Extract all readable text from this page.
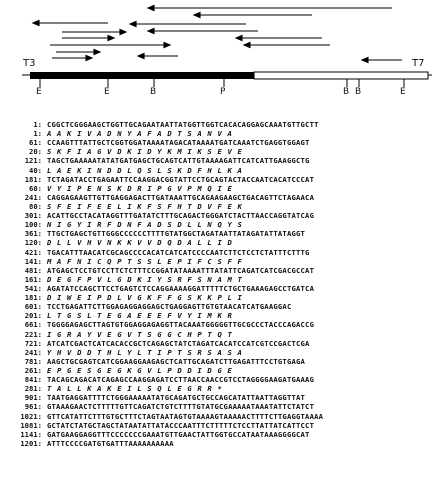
T3	T7
E	E	B	P	B B	E
1: CGGCTCGGGAAGCTGGTTGCAGAATAATTATGGTTGGTCACACAGGAGCAAATGTTGCTT
1: AAKIVADNYAFADTSANVA
61: CCAAGTTTATTGCTCGGTGGATAAAATAGACATAAAATGATCAAATCTGAGGTGGAGT
20: SKFIAGVDKIDYKMIKSEVE
121: TAGCTGAAAAATATATGATGAGCTGCAGTCATTGTAAAAGATTCATCATTGAAGGCTG
40: LAEKINDDLQSLSKDFHLKA
181: TCTAGATACCTGAGAATTCCAAGGACGGTATTCCTGCAGTACTACCAATCACATCCCAT
60: VYIPENSKDRIPGVPMQIE
241: CAGGAGAAGTTGTTGAGGAGACTTGATAAATTGCAGAAGAAGCTGACAGTTCTAGAACA
80: SFEIFEELIKFSFHTDVFEK
301: ACATTGCCTACATAGGTTTGATATCTTTGCAGACTGGGATCTACTTAACCAGGTATCAG
100: NIGYIRFDNFADSDLLNQYS
361: TTGCTGAGCTGTTGGGCCCCCCTTTTGTATGGCTAGATAATTATAGATATTATAGGT
120: DLLVHVNKKVVDQDALLID
421: TGACATTTAACATCGCAGCCCCACATCATCATCCCCAATCTTCTCCTCTATTTCTTTG
141: MAFNICQPTSSLEPIFCSFF
481: ATGAGCTCCTGTCCTTCTCTTTCCGGATATAAAATTTATATTCAGATCATCGACGCCAT
161: DEGFPVLGDKIYSRFSNAMT
541: AGATATCCAGCTTCCTGAGTCTCCAGGAAAAGGATTTTTCTGCTGAAAGAGCCTGATCA
181: DIWEIPDLVGKFFGSKKPLI
601: TCCTGAGATTCTTGGAGAGGAGGAGCTGAGGAGTTGTGTAACATCATGAAGGAC
201: LTGSLTEGAEEEFVYIMKR
661: TGGGGAGAGCTTAGTGTGGAGGAGAGGTTACAAATGGGGGTTGCGCCCTACCCAGACCG
221: IGRAYVEGVTSGGCHPTQT
721: ATCATCGACTCATCACACCGCTCAGAGCTATCTAGATCACATCCATCGTCCGACTCGA
241: YHVDDTHLYLTIPTSRSASA
781: AAGCTGCGAGTCATCGGAAGGAAGAGCTCATTGCAGATCTTGAGATTTCCTGTGAGA
261: EPGESGEGKGVLPDDIDGE
841: TACAGCAGACATCAGAGCCAAGGAGATCCTTAACCAACCGTCCTAGGGGAAGATGAAAG
281: TALLKAKEILSQLEGRR*
901: TAATGAGGATTTTCTGGGAAAAATATGCAGATGCTGCCAGCATATTAATTAGGTTAT
961: GTAAAGAACTCTTTTTGTTCAGATCTGTCTTTTGTATGCGAAAAATAAATATTCTATCT
1021: GTTCATATTCTTTGTGCTTTCTAGTAATAGTGTAAAAGTAAAAACTTTTCTTGAGGTAAAA
1081: GCTATCTATGCTAGCTATAATATTATACCCAATTTCTTTTTCTCCTTATTATCATTCCT
1141: GATGAAGGAGGTTTCCCCCCCGAAATGTTGAACTATTGGTGCCATAATAAAGGGGCAT
1201: ATTTCCCCGATGTGATTTAAAAAAAAAA
